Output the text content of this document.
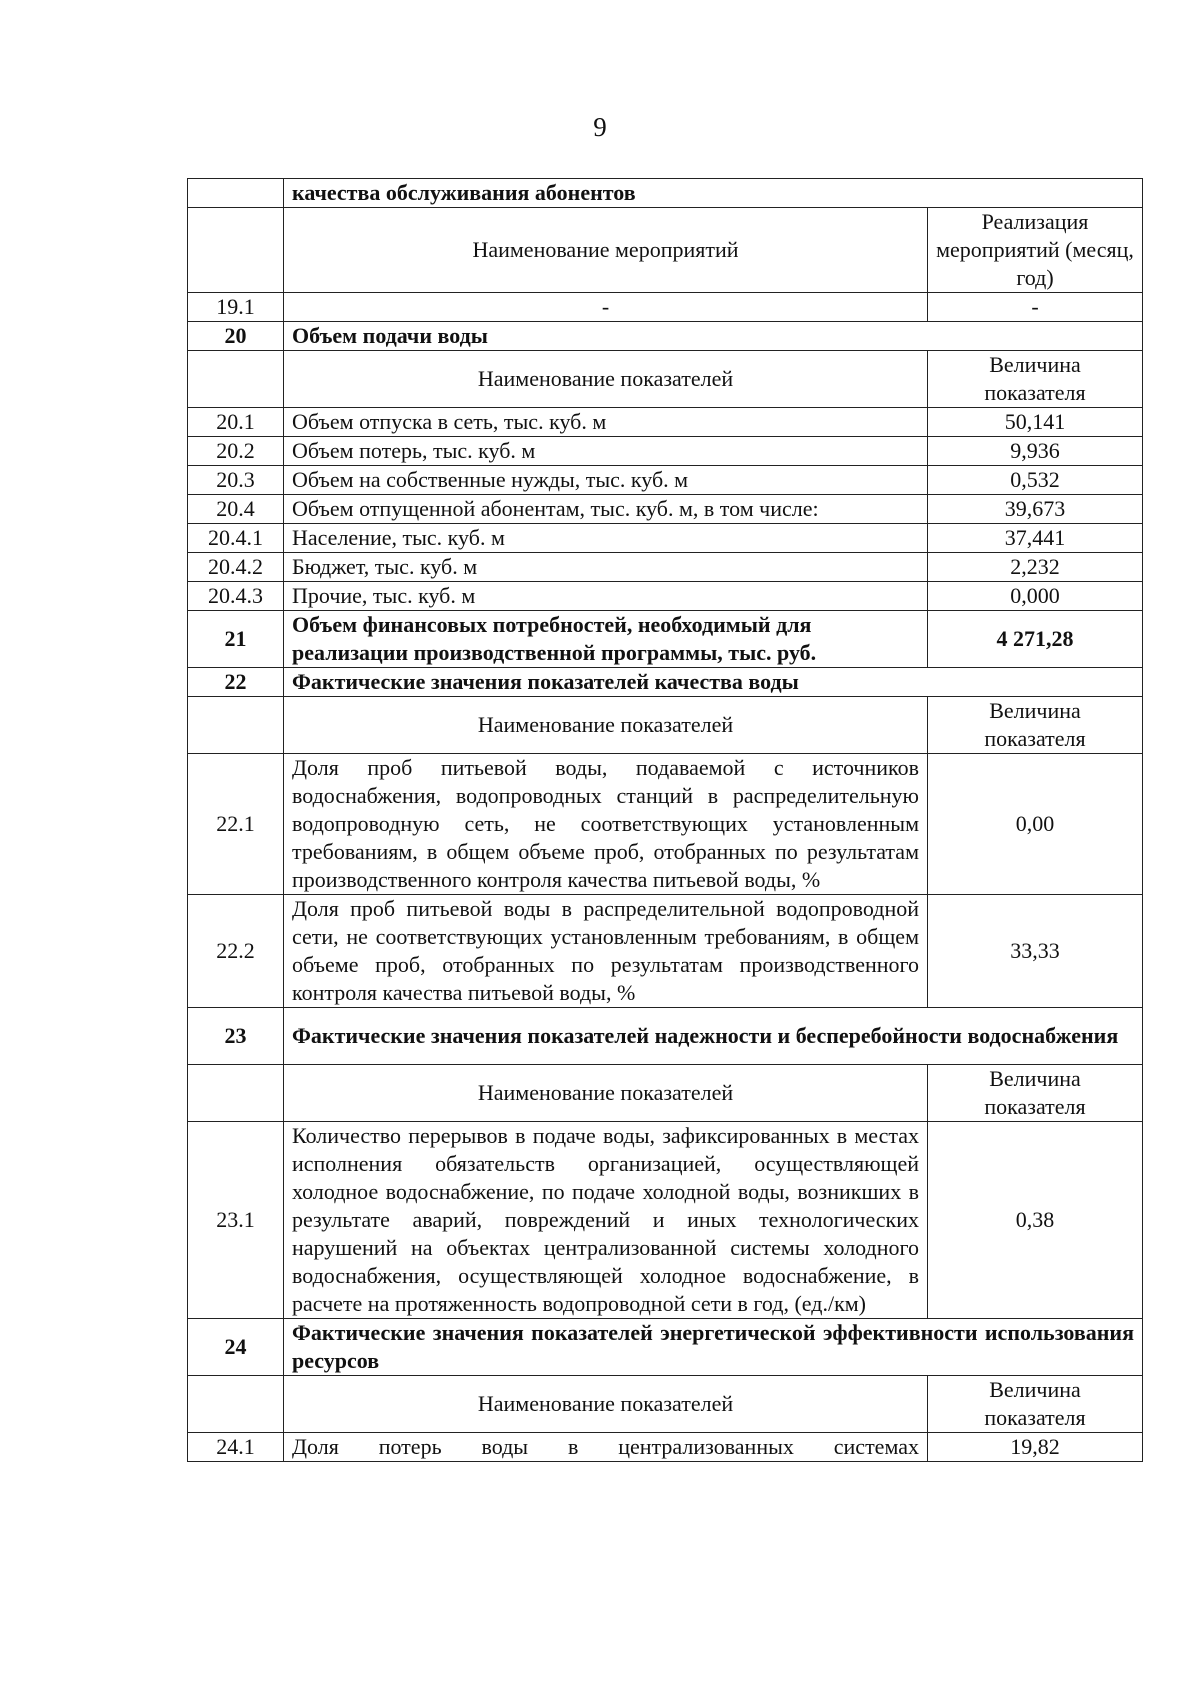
9
	качества обслуживания абонентов	
	Наименование мероприятий	Реализация мероприятий (месяц, год)
19.1	-	-
20	Объем подачи воды	
	Наименование показателей	Величина показателя
20.1	Объем отпуска в сеть, тыс. куб. м	50,141
20.2	Объем потерь, тыс. куб. м	9,936
20.3	Объем на собственные нужды, тыс. куб. м	0,532
20.4	Объем отпущенной абонентам, тыс. куб. м, в том числе:	39,673
20.4.1	Население, тыс. куб. м	37,441
20.4.2	Бюджет, тыс. куб. м	2,232
20.4.3	Прочие, тыс. куб. м	0,000
21	Объем финансовых потребностей, необходимый для реализации производственной программы, тыс. руб.	4 271,28
22	Фактические значения показателей качества воды	
	Наименование показателей	Величина показателя
22.1	Доля проб питьевой воды, подаваемой с источников водоснабжения, водопроводных станций в распределительную водопроводную сеть, не соответствующих установленным требованиям, в общем объеме проб, отобранных по результатам производственного контроля качества питьевой воды, %	0,00
22.2	Доля проб питьевой воды в распределительной водопроводной сети, не соответствующих установленным требованиям, в общем объеме проб, отобранных по результатам производственного контроля качества питьевой воды, %	33,33
23	Фактические значения показателей надежности и бесперебойности водоснабжения	
	Наименование показателей	Величина показателя
23.1	Количество перерывов в подаче воды, зафиксированных в местах исполнения обязательств организацией, осуществляющей холодное водоснабжение, по подаче холодной воды, возникших в результате аварий, повреждений и иных технологических нарушений на объектах централизованной системы холодного водоснабжения, осуществляющей холодное водоснабжение, в расчете на протяженность водопроводной сети в год, (ед./км)	0,38
24	Фактические значения показателей энергетической эффективности использования ресурсов	
	Наименование показателей	Величина показателя
24.1	Доля потерь воды в централизованных системах	19,82
